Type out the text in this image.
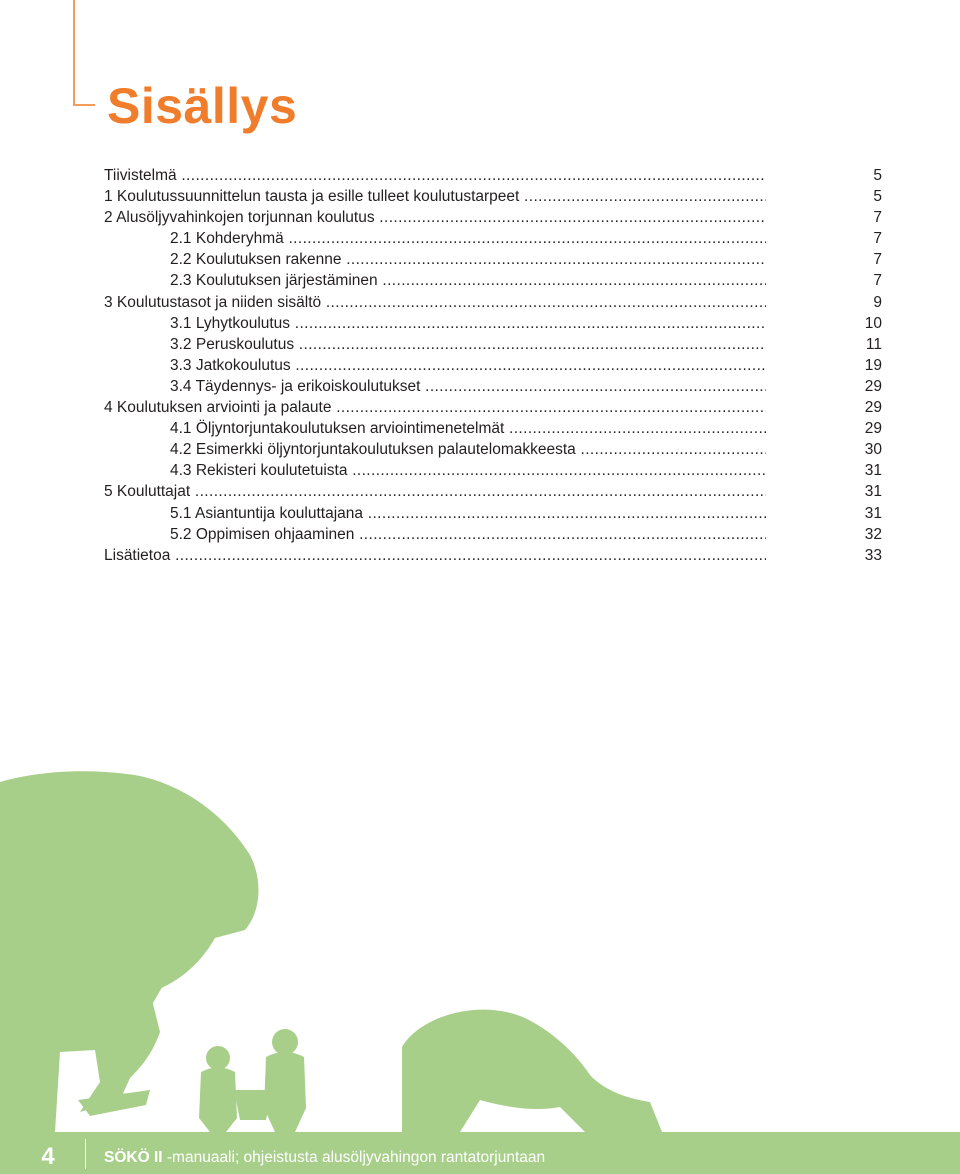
Sisällys
Tiivistelmä .....	5
1 Koulutussuunnittelun tausta ja esille tulleet koulutustarpeet .....	5
2 Alusöljyvahinkojen torjunnan koulutus .....	7
2.1 Kohderyhmä .....	7
2.2 Koulutuksen rakenne .....	7
2.3 Koulutuksen järjestäminen .....	7
3 Koulutustasot ja niiden sisältö .....	9
3.1 Lyhytkoulutus .....	10
3.2 Peruskoulutus .....	11
3.3 Jatkokoulutus .....	19
3.4 Täydennys- ja erikoiskoulutukset .....	29
4 Koulutuksen arviointi ja palaute .....	29
4.1 Öljyntorjuntakoulutuksen arviointimenetelmät .....	29
4.2 Esimerkki öljyntorjuntakoulutuksen palautelomakkeesta .....	30
4.3 Rekisteri koulutetuista .....	31
5 Kouluttajat .....	31
5.1 Asiantuntija kouluttajana .....	31
5.2 Oppimisen ohjaaminen .....	32
Lisätietoa .....	33
4	SÖKÖ II -manuaali; ohjeistusta alusöljyvahingon rantatorjuntaan
